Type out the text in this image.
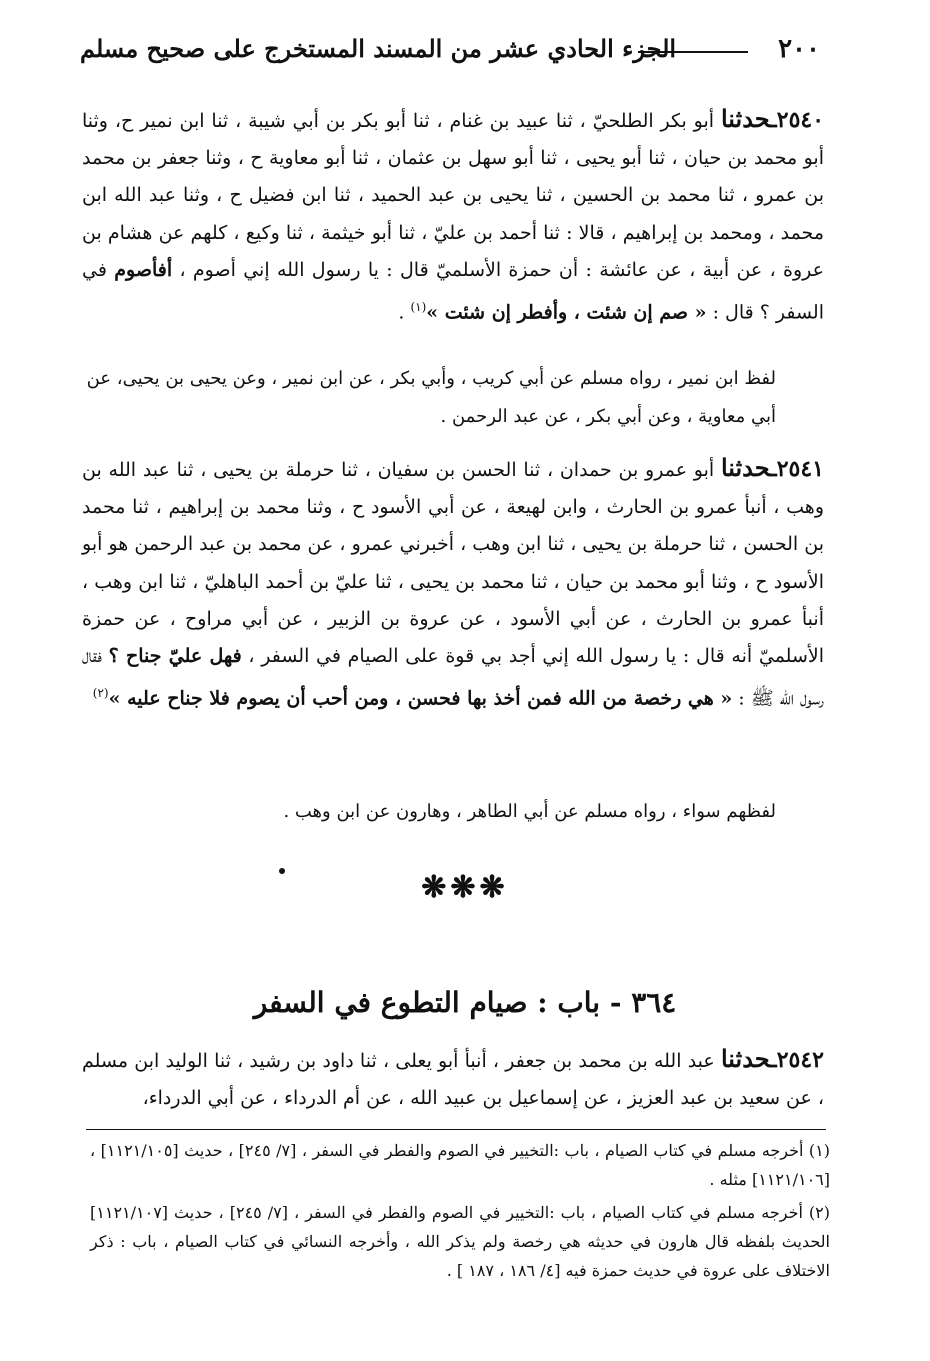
٢٠٠
الجزء الحادي عشر من المسند المستخرج على صحيح مسلم
٢٥٤٠ـحدثنا أبو بكر الطلحيّ ، ثنا عبيد بن غنام ، ثنا أبو بكر بن أبي شيبة ، ثنا ابن نمير ح، وثنا أبو محمد بن حيان ، ثنا أبو يحيى ، ثنا أبو سهل بن عثمان ، ثنا أبو معاوية ح ، وثنا جعفر بن محمد بن عمرو ، ثنا محمد بن الحسين ، ثنا يحيى بن عبد الحميد ، ثنا ابن فضيل ح ، وثنا عبد الله ابن محمد ، ومحمد بن إبراهيم ، قالا : ثنا أحمد بن عليّ ، ثنا أبو خيثمة ، ثنا وكيع ، كلهم عن هشام بن عروة ، عن أبية ، عن عائشة : أن حمزة الأسلميّ قال : يا رسول الله إني أصوم ، أفأصوم في السفر ؟ قال : « صم إن شئت ، وأفطر إن شئت »$^{(١)}$ .
لفظ ابن نمير ، رواه مسلم عن أبي كريب ، وأبي بكر ، عن ابن نمير ، وعن يحيى بن يحيى، عن أبي معاوية ، وعن أبي بكر ، عن عبد الرحمن .
٢٥٤١ـحدثنا أبو عمرو بن حمدان ، ثنا الحسن بن سفيان ، ثنا حرملة بن يحيى ، ثنا عبد الله بن وهب ، أنبأ عمرو بن الحارث ، وابن لهيعة ، عن أبي الأسود ح ، وثنا محمد بن إبراهيم ، ثنا محمد بن الحسن ، ثنا حرملة بن يحيى ، ثنا ابن وهب ، أخبرني عمرو ، عن محمد بن عبد الرحمن هو أبو الأسود ح ، وثنا أبو محمد بن حيان ، ثنا محمد بن يحيى ، ثنا عليّ بن أحمد الباهليّ ، ثنا ابن وهب ، أنبأ عمرو بن الحارث ، عن أبي الأسود ، عن عروة بن الزبير ، عن أبي مراوح ، عن حمزة الأسلميّ أنه قال : يا رسول الله إني أجد بي قوة على الصيام في السفر ، فهل عليّ جناح ؟ فقال رسول الله ﷺ : « هي رخصة من الله فمن أخذ بها فحسن ، ومن أحب أن يصوم فلا جناح عليه »$^{(٢)}$
لفظهم سواء ، رواه مسلم عن أبي الطاهر ، وهارون عن ابن وهب .
❋❋❋
٣٦٤ - باب : صيام التطوع في السفر
٢٥٤٢ـحدثنا عبد الله بن محمد بن جعفر ، أنبأ أبو يعلى ، ثنا داود بن رشيد ، ثنا الوليد ابن مسلم ، عن سعيد بن عبد العزيز ، عن إسماعيل بن عبيد الله ، عن أم الدرداء ، عن أبي الدرداء،
(١) أخرجه مسلم في كتاب الصيام ، باب :التخيير في الصوم والفطر في السفر ، [٧/ ٢٤٥] ، حديث [١١٢١/١٠٥] ، [١١٢١/١٠٦] مثله .
(٢) أخرجه مسلم في كتاب الصيام ، باب :التخيير في الصوم والفطر في السفر ، [٧/ ٢٤٥] ، حديث [١١٢١/١٠٧] الحديث بلفظه قال هارون في حديثه هي رخصة ولم يذكر الله ، وأخرجه النسائي في كتاب الصيام ، باب : ذكر الاختلاف على عروة في حديث حمزة فيه [٤/ ١٨٦ ، ١٨٧ ] .
